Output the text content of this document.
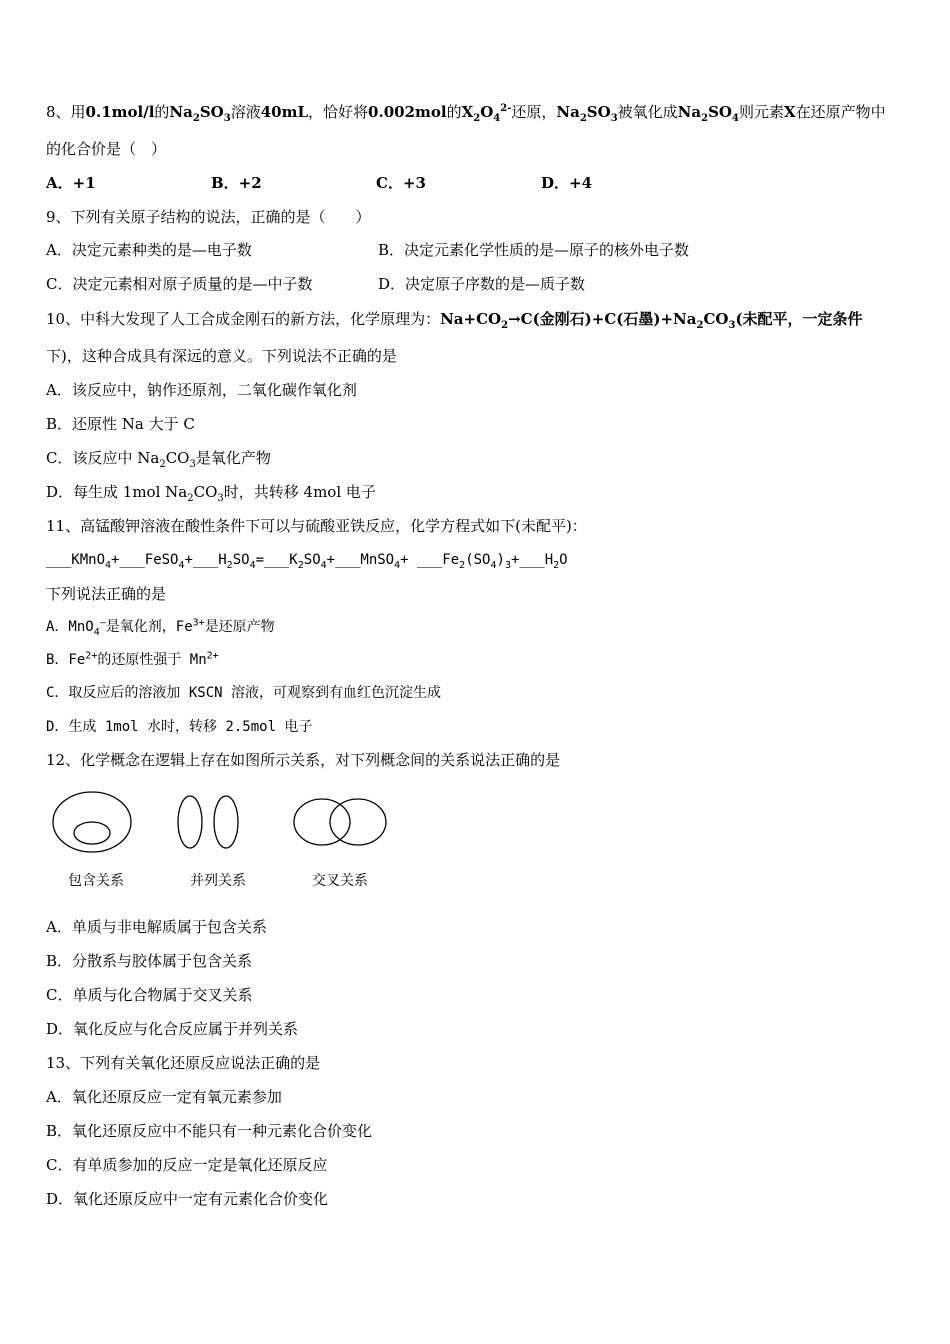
8、用0.1mol/l的$Na_2SO_3$溶液40mL，恰好将0.002mol的$X_2O_4^{2-}$还原，$Na_2SO_3$被氧化成$Na_2SO_4$则元素X在还原产物中
的化合价是（　）
A．+1	B．+2	C．+3	D．+4
9、下列有关原子结构的说法，正确的是（　　）
A．决定元素种类的是—电子数	B．决定元素化学性质的是—原子的核外电子数
C．决定元素相对原子质量的是—中子数	D．决定原子序数的是—质子数
10、中科大发现了人工合成金刚石的新方法，化学原理为：$Na+CO_2\to C$(金刚石)+C(石墨)$+Na_2CO_3$(未配平，一定条件
下)，这种合成具有深远的意义。下列说法不正确的是
A．该反应中，钠作还原剂，二氧化碳作氧化剂
B．还原性 Na 大于 C
C．该反应中 $Na_2CO_3$是氧化产物
D．每生成 1mol $Na_2CO_3$时，共转移 4mol 电子
11、高锰酸钾溶液在酸性条件下可以与硫酸亚铁反应，化学方程式如下(未配平)：
$\_\_\_KMnO_4+\_\_\_FeSO_4+\_\_\_H_2SO_4=\_\_\_K_2SO_4+\_\_\_MnSO_4+$ $\_\_\_Fe_2(SO_4)_3+\_\_\_H_2O$
下列说法正确的是
A．MnO$_4$—是氧化剂，$Fe^{3+}$是还原产物
B．$Fe^{2+}$的还原性强于 $Mn^{2+}$
C．取反应后的溶液加 KSCN 溶液，可观察到有血红色沉淀生成
D．生成 1mol 水时，转移 2.5mol 电子
12、化学概念在逻辑上存在如图所示关系，对下列概念间的关系说法正确的是
包含关系	并列关系	交叉关系
A．单质与非电解质属于包含关系
B．分散系与胶体属于包含关系
C．单质与化合物属于交叉关系
D．氧化反应与化合反应属于并列关系
13、下列有关氧化还原反应说法正确的是
A．氧化还原反应一定有氧元素参加
B．氧化还原反应中不能只有一种元素化合价变化
C．有单质参加的反应一定是氧化还原反应
D．氧化还原反应中一定有元素化合价变化
